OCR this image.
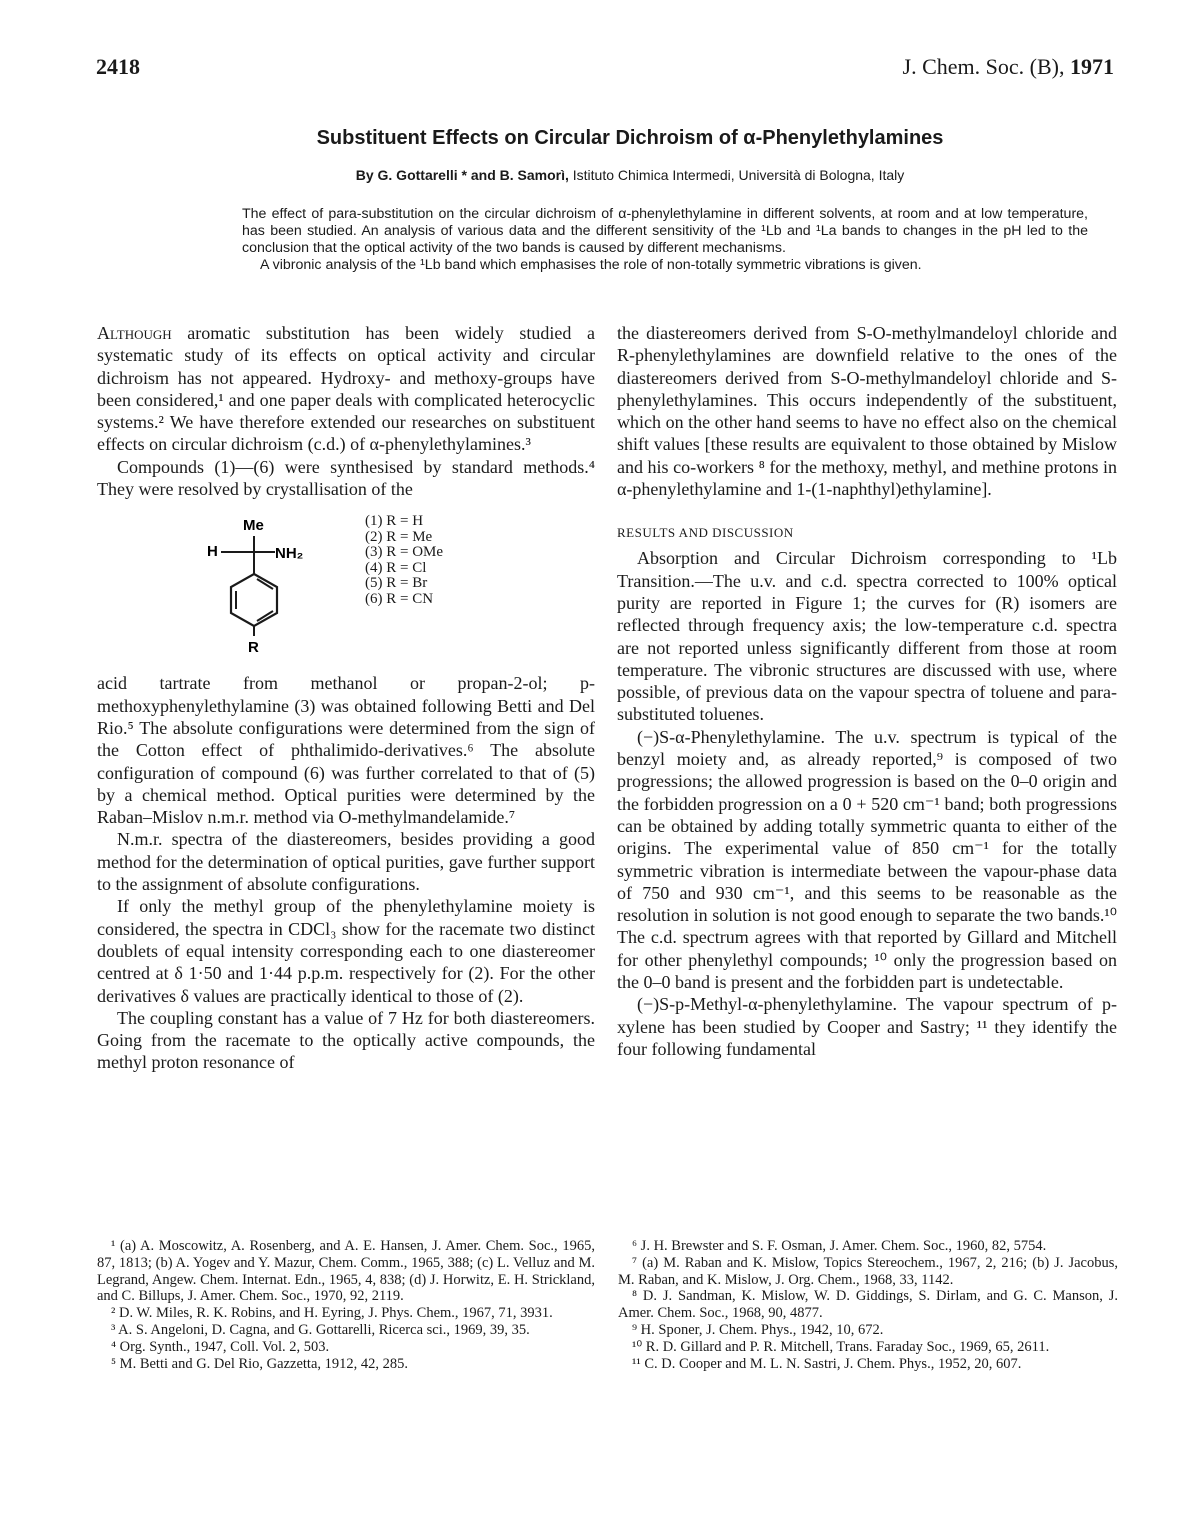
2418	J. Chem. Soc. (B), 1971
Substituent Effects on Circular Dichroism of α-Phenylethylamines
By G. Gottarelli * and B. Samorì, Istituto Chimica Intermedi, Università di Bologna, Italy

The effect of para-substitution on the circular dichroism of α-phenylethylamine in different solvents, at room and at low temperature, has been studied. An analysis of various data and the different sensitivity of the ¹Lb and ¹La bands to changes in the pH led to the conclusion that the optical activity of the two bands is caused by different mechanisms.

A vibronic analysis of the ¹Lb band which emphasises the role of non-totally symmetric vibrations is given.

Although aromatic substitution has been widely studied a systematic study of its effects on optical activity and circular dichroism has not appeared. Hydroxy- and methoxy-groups have been considered,¹ and one paper deals with complicated heterocyclic systems.² We have therefore extended our researches on substituent effects on circular dichroism (c.d.) of α-phenylethylamines.³

Compounds (1)—(6) were synthesised by standard methods.⁴ They were resolved by crystallisation of the

Me
H	NH₂
R
(1) R = H
(2) R = Me
(3) R = OMe
(4) R = Cl
(5) R = Br
(6) R = CN

acid tartrate from methanol or propan-2-ol; p-methoxyphenylethylamine (3) was obtained following Betti and Del Rio.⁵ The absolute configurations were determined from the sign of the Cotton effect of phthalimido-derivatives.⁶ The absolute configuration of compound (6) was further correlated to that of (5) by a chemical method. Optical purities were determined by the Raban–Mislov n.m.r. method via O-methylmandelamide.⁷

N.m.r. spectra of the diastereomers, besides providing a good method for the determination of optical purities, gave further support to the assignment of absolute configurations.

If only the methyl group of the phenylethylamine moiety is considered, the spectra in CDCl₃ show for the racemate two distinct doublets of equal intensity corresponding each to one diastereomer centred at δ 1·50 and 1·44 p.p.m. respectively for (2). For the other derivatives δ values are practically identical to those of (2).

The coupling constant has a value of 7 Hz for both diastereomers. Going from the racemate to the optically active compounds, the methyl proton resonance of

the diastereomers derived from S-O-methylmandeloyl chloride and R-phenylethylamines are downfield relative to the ones of the diastereomers derived from S-O-methylmandeloyl chloride and S-phenylethylamines. This occurs independently of the substituent, which on the other hand seems to have no effect also on the chemical shift values [these results are equivalent to those obtained by Mislow and his co-workers ⁸ for the methoxy, methyl, and methine protons in α-phenylethylamine and 1-(1-naphthyl)ethylamine].

RESULTS AND DISCUSSION

Absorption and Circular Dichroism corresponding to ¹Lb Transition.—The u.v. and c.d. spectra corrected to 100% optical purity are reported in Figure 1; the curves for (R) isomers are reflected through frequency axis; the low-temperature c.d. spectra are not reported unless significantly different from those at room temperature. The vibronic structures are discussed with use, where possible, of previous data on the vapour spectra of toluene and para-substituted toluenes.

(−)S-α-Phenylethylamine. The u.v. spectrum is typical of the benzyl moiety and, as already reported,⁹ is composed of two progressions; the allowed progression is based on the 0–0 origin and the forbidden progression on a 0 + 520 cm⁻¹ band; both progressions can be obtained by adding totally symmetric quanta to either of the origins. The experimental value of 850 cm⁻¹ for the totally symmetric vibration is intermediate between the vapour-phase data of 750 and 930 cm⁻¹, and this seems to be reasonable as the resolution in solution is not good enough to separate the two bands.¹⁰ The c.d. spectrum agrees with that reported by Gillard and Mitchell for other phenylethyl compounds; ¹⁰ only the progression based on the 0–0 band is present and the forbidden part is undetectable.

(−)S-p-Methyl-α-phenylethylamine. The vapour spectrum of p-xylene has been studied by Cooper and Sastry; ¹¹ they identify the four following fundamental

¹ (a) A. Moscowitz, A. Rosenberg, and A. E. Hansen, J. Amer. Chem. Soc., 1965, 87, 1813; (b) A. Yogev and Y. Mazur, Chem. Comm., 1965, 388; (c) L. Velluz and M. Legrand, Angew. Chem. Internat. Edn., 1965, 4, 838; (d) J. Horwitz, E. H. Strickland, and C. Billups, J. Amer. Chem. Soc., 1970, 92, 2119.

² D. W. Miles, R. K. Robins, and H. Eyring, J. Phys. Chem., 1967, 71, 3931.

³ A. S. Angeloni, D. Cagna, and G. Gottarelli, Ricerca sci., 1969, 39, 35.

⁴ Org. Synth., 1947, Coll. Vol. 2, 503.

⁵ M. Betti and G. Del Rio, Gazzetta, 1912, 42, 285.

⁶ J. H. Brewster and S. F. Osman, J. Amer. Chem. Soc., 1960, 82, 5754.

⁷ (a) M. Raban and K. Mislow, Topics Stereochem., 1967, 2, 216; (b) J. Jacobus, M. Raban, and K. Mislow, J. Org. Chem., 1968, 33, 1142.

⁸ D. J. Sandman, K. Mislow, W. D. Giddings, S. Dirlam, and G. C. Manson, J. Amer. Chem. Soc., 1968, 90, 4877.

⁹ H. Sponer, J. Chem. Phys., 1942, 10, 672.

¹⁰ R. D. Gillard and P. R. Mitchell, Trans. Faraday Soc., 1969, 65, 2611.

¹¹ C. D. Cooper and M. L. N. Sastri, J. Chem. Phys., 1952, 20, 607.
